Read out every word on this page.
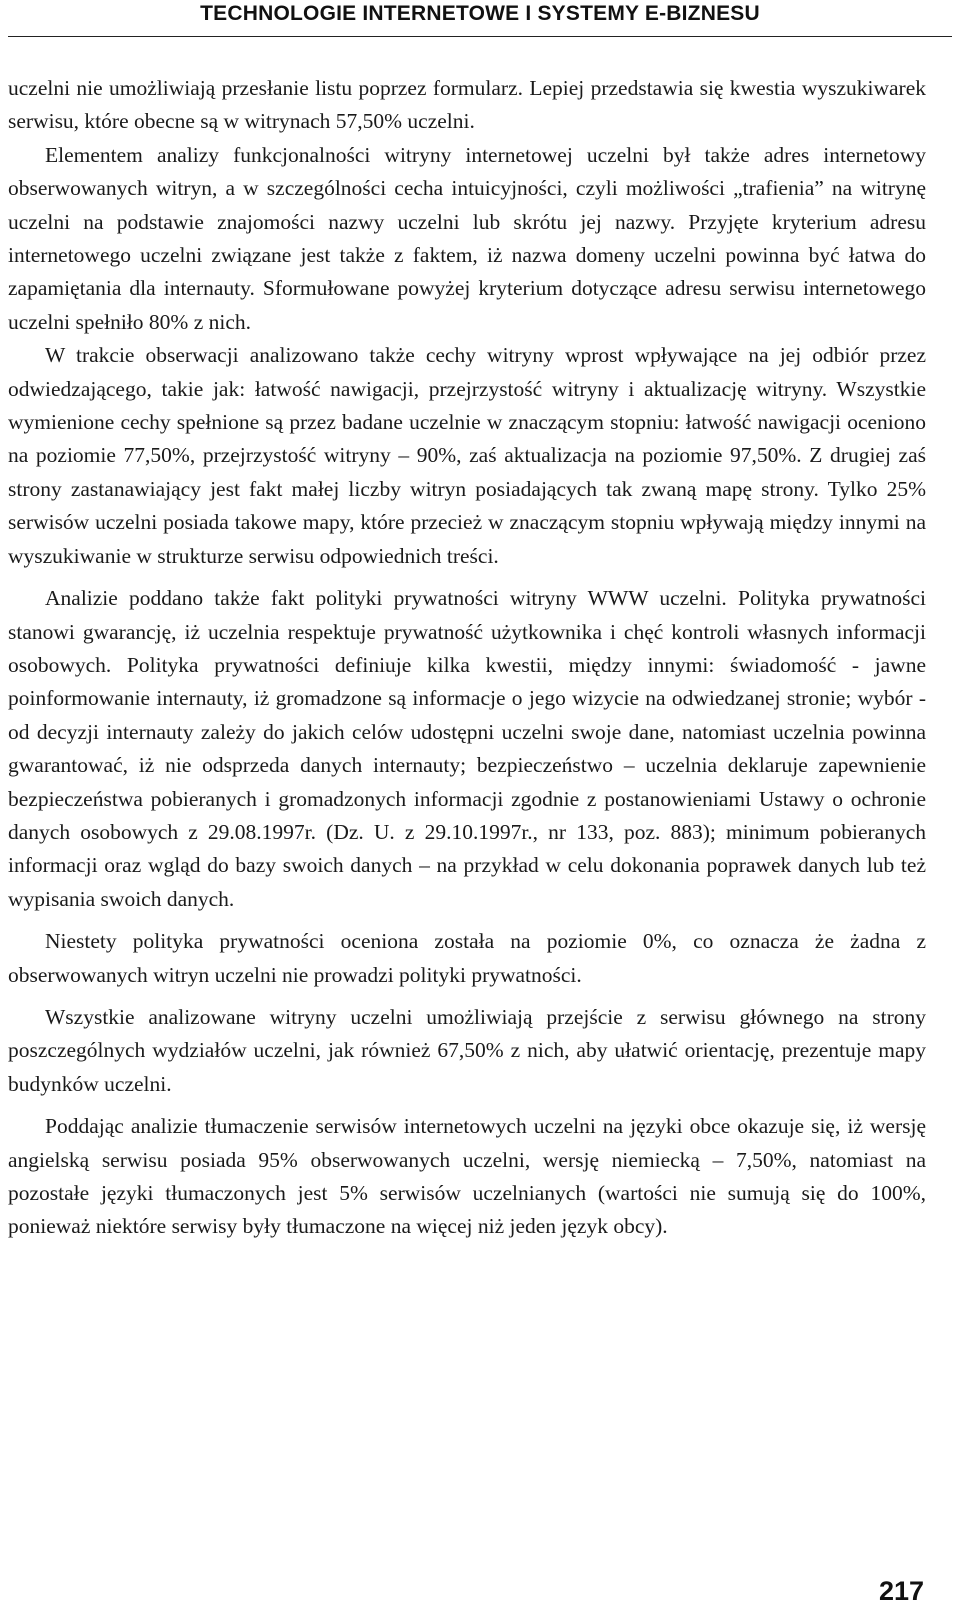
TECHNOLOGIE INTERNETOWE I SYSTEMY E-BIZNESU

uczelni nie umożliwiają przesłanie listu poprzez formularz. Lepiej przedstawia się kwestia wyszukiwarek serwisu, które obecne są w witrynach 57,50% uczelni.

Elementem analizy funkcjonalności witryny internetowej uczelni był także adres internetowy obserwowanych witryn, a w szczególności cecha intuicyjności, czyli możliwości „trafienia” na witrynę uczelni na podstawie znajomości nazwy uczelni lub skrótu jej nazwy. Przyjęte kryterium adresu internetowego uczelni związane jest także z faktem, iż nazwa domeny uczelni powinna być łatwa do zapamiętania dla internauty. Sformułowane powyżej kryterium dotyczące adresu serwisu internetowego uczelni spełniło 80% z nich.

W trakcie obserwacji analizowano także cechy witryny wprost wpływające na jej odbiór przez odwiedzającego, takie jak: łatwość nawigacji, przejrzystość witryny i aktualizację witryny. Wszystkie wymienione cechy spełnione są przez badane uczelnie w znaczącym stopniu: łatwość nawigacji oceniono na poziomie 77,50%, przejrzystość witryny – 90%, zaś aktualizacja na poziomie 97,50%. Z drugiej zaś strony zastanawiający jest fakt małej liczby witryn posiadających tak zwaną mapę strony. Tylko 25% serwisów uczelni posiada takowe mapy, które przecież w znaczącym stopniu wpływają między innymi na wyszukiwanie w strukturze serwisu odpowiednich treści.

Analizie poddano także fakt polityki prywatności witryny WWW uczelni. Polityka prywatności stanowi gwarancję, iż uczelnia respektuje prywatność użytkownika i chęć kontroli własnych informacji osobowych. Polityka prywatności definiuje kilka kwestii, między innymi: świadomość - jawne poinformowanie internauty, iż gromadzone są informacje o jego wizycie na odwiedzanej stronie; wybór - od decyzji internauty zależy do jakich celów udostępni uczelni swoje dane, natomiast uczelnia powinna gwarantować, iż nie odsprzeda danych internauty; bezpieczeństwo – uczelnia deklaruje zapewnienie bezpieczeństwa pobieranych i gromadzonych informacji zgodnie z postanowieniami Ustawy o ochronie danych osobowych z 29.08.1997r. (Dz. U. z 29.10.1997r., nr 133, poz. 883); minimum pobieranych informacji oraz wgląd do bazy swoich danych – na przykład w celu dokonania poprawek danych lub też wypisania swoich danych.

Niestety polityka prywatności oceniona została na poziomie 0%, co oznacza że żadna z obserwowanych witryn uczelni nie prowadzi polityki prywatności.

Wszystkie analizowane witryny uczelni umożliwiają przejście z serwisu głównego na strony poszczególnych wydziałów uczelni, jak również 67,50% z nich, aby ułatwić orientację, prezentuje mapy budynków uczelni.

Poddając analizie tłumaczenie serwisów internetowych uczelni na języki obce okazuje się, iż wersję angielską serwisu posiada 95% obserwowanych uczelni, wersję niemiecką – 7,50%, natomiast na pozostałe języki tłumaczonych jest 5% serwisów uczelnianych (wartości nie sumują się do 100%, ponieważ niektóre serwisy były tłumaczone na więcej niż jeden język obcy).

217
